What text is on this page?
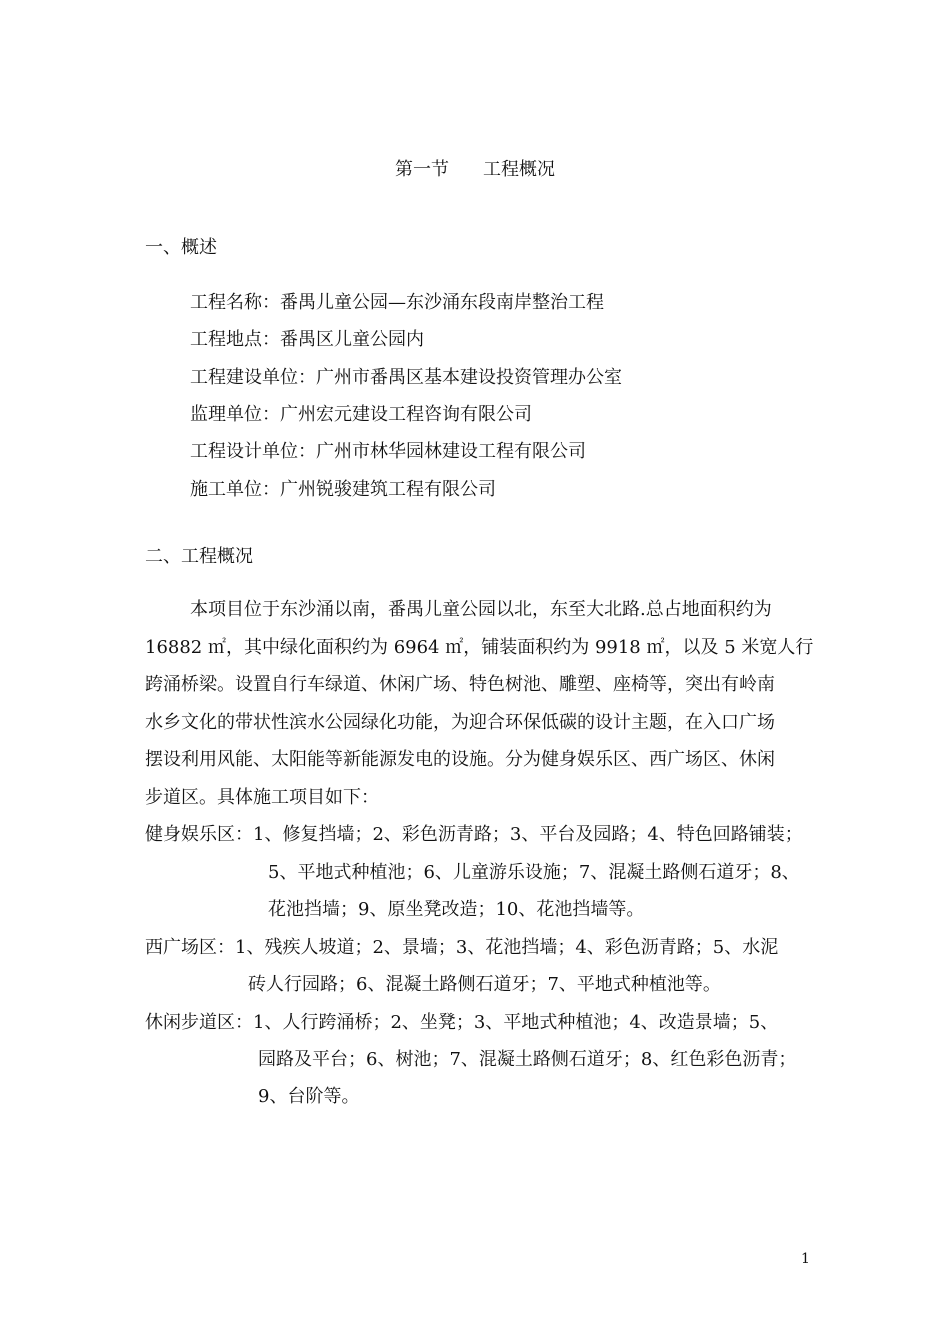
第一节 工程概况
一、概述
工程名称：番禺儿童公园—东沙涌东段南岸整治工程
工程地点：番禺区儿童公园内
工程建设单位：广州市番禺区基本建设投资管理办公室
监理单位：广州宏元建设工程咨询有限公司
工程设计单位：广州市林华园林建设工程有限公司
施工单位：广州锐骏建筑工程有限公司
二、工程概况
本项目位于东沙涌以南，番禺儿童公园以北，东至大北路.总占地面积约为
16882 ㎡，其中绿化面积约为 6964 ㎡，铺装面积约为 9918 ㎡，以及 5 米宽人行
跨涌桥梁。设置自行车绿道、休闲广场、特色树池、雕塑、座椅等，突出有岭南
水乡文化的带状性滨水公园绿化功能，为迎合环保低碳的设计主题，在入口广场
摆设利用风能、太阳能等新能源发电的设施。分为健身娱乐区、西广场区、休闲
步道区。具体施工项目如下：
健身娱乐区：1、修复挡墙；2、彩色沥青路；3、平台及园路；4、特色回路铺装；
5、平地式种植池；6、儿童游乐设施；7、混凝土路侧石道牙；8、
花池挡墙；9、原坐凳改造；10、花池挡墙等。
西广场区：1、残疾人坡道；2、景墙；3、花池挡墙；4、彩色沥青路；5、水泥
砖人行园路；6、混凝土路侧石道牙；7、平地式种植池等。
休闲步道区：1、人行跨涌桥；2、坐凳；3、平地式种植池；4、改造景墙；5、
园路及平台；6、树池；7、混凝土路侧石道牙；8、红色彩色沥青；
9、台阶等。
1
